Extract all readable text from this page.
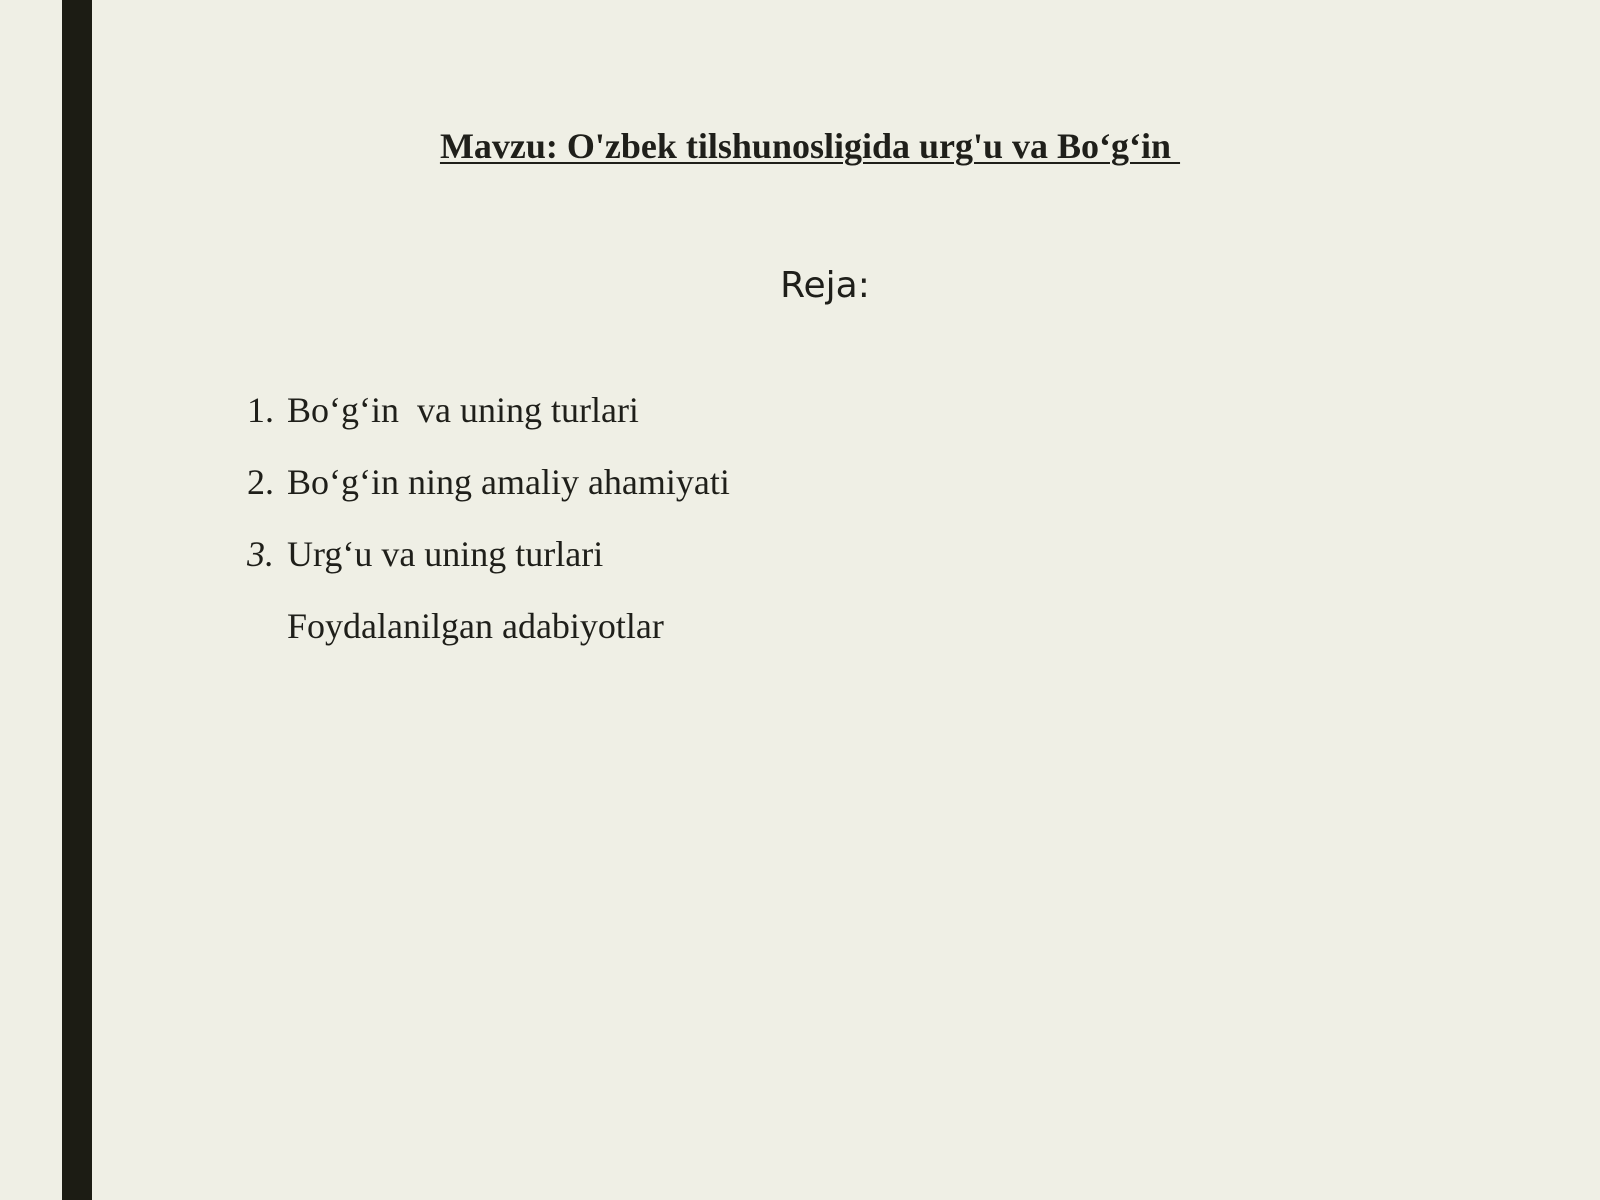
Mavzu: O'zbek tilshunosligida urg'u va Bo‘g‘in
Reja:

1. Bo‘g‘in  va uning turlari

2. Bo‘g‘in ning amaliy ahamiyati

3. Urg‘u va uning turlari

Foydalanilgan adabiyotlar
